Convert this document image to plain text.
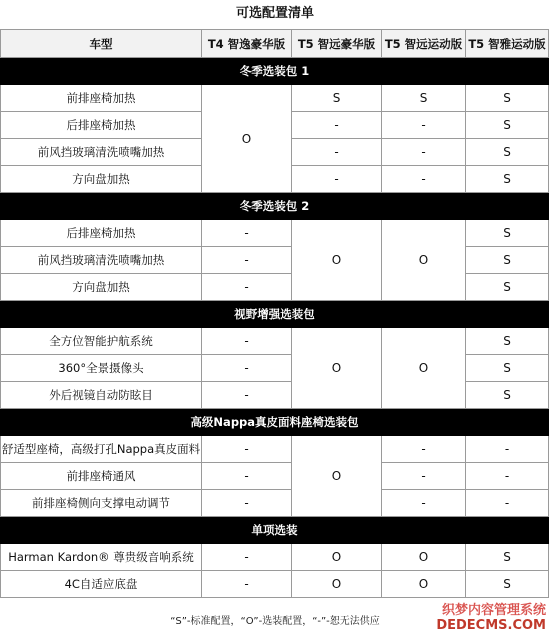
可选配置清单
车型	T4 智逸豪华版	T5 智远豪华版	T5 智远运动版	T5 智雅运动版
冬季选装包 1				
前排座椅加热	O	S	S	S
后排座椅加热		-	-	S
前风挡玻璃清洗喷嘴加热		-	-	S
方向盘加热		-	-	S
冬季选装包 2				
后排座椅加热	-	O	O	S
前风挡玻璃清洗喷嘴加热	-			S
方向盘加热	-			S
视野增强选装包				
全方位智能护航系统	-	O	O	S
360°全景摄像头	-			S
外后视镜自动防眩目	-			S
高级Nappa真皮面料座椅选装包				
舒适型座椅，高级打孔Nappa真皮面料	-	O	-	-
前排座椅通风	-		-	-
前排座椅侧向支撑电动调节	-		-	-
单项选装				
Harman Kardon® 尊贵级音响系统	-	O	O	S
4C自适应底盘	-	O	O	S
“S”-标准配置，“O”-选装配置，“-”-恕无法供应
织梦内容管理系统
DEDECMS.COM
